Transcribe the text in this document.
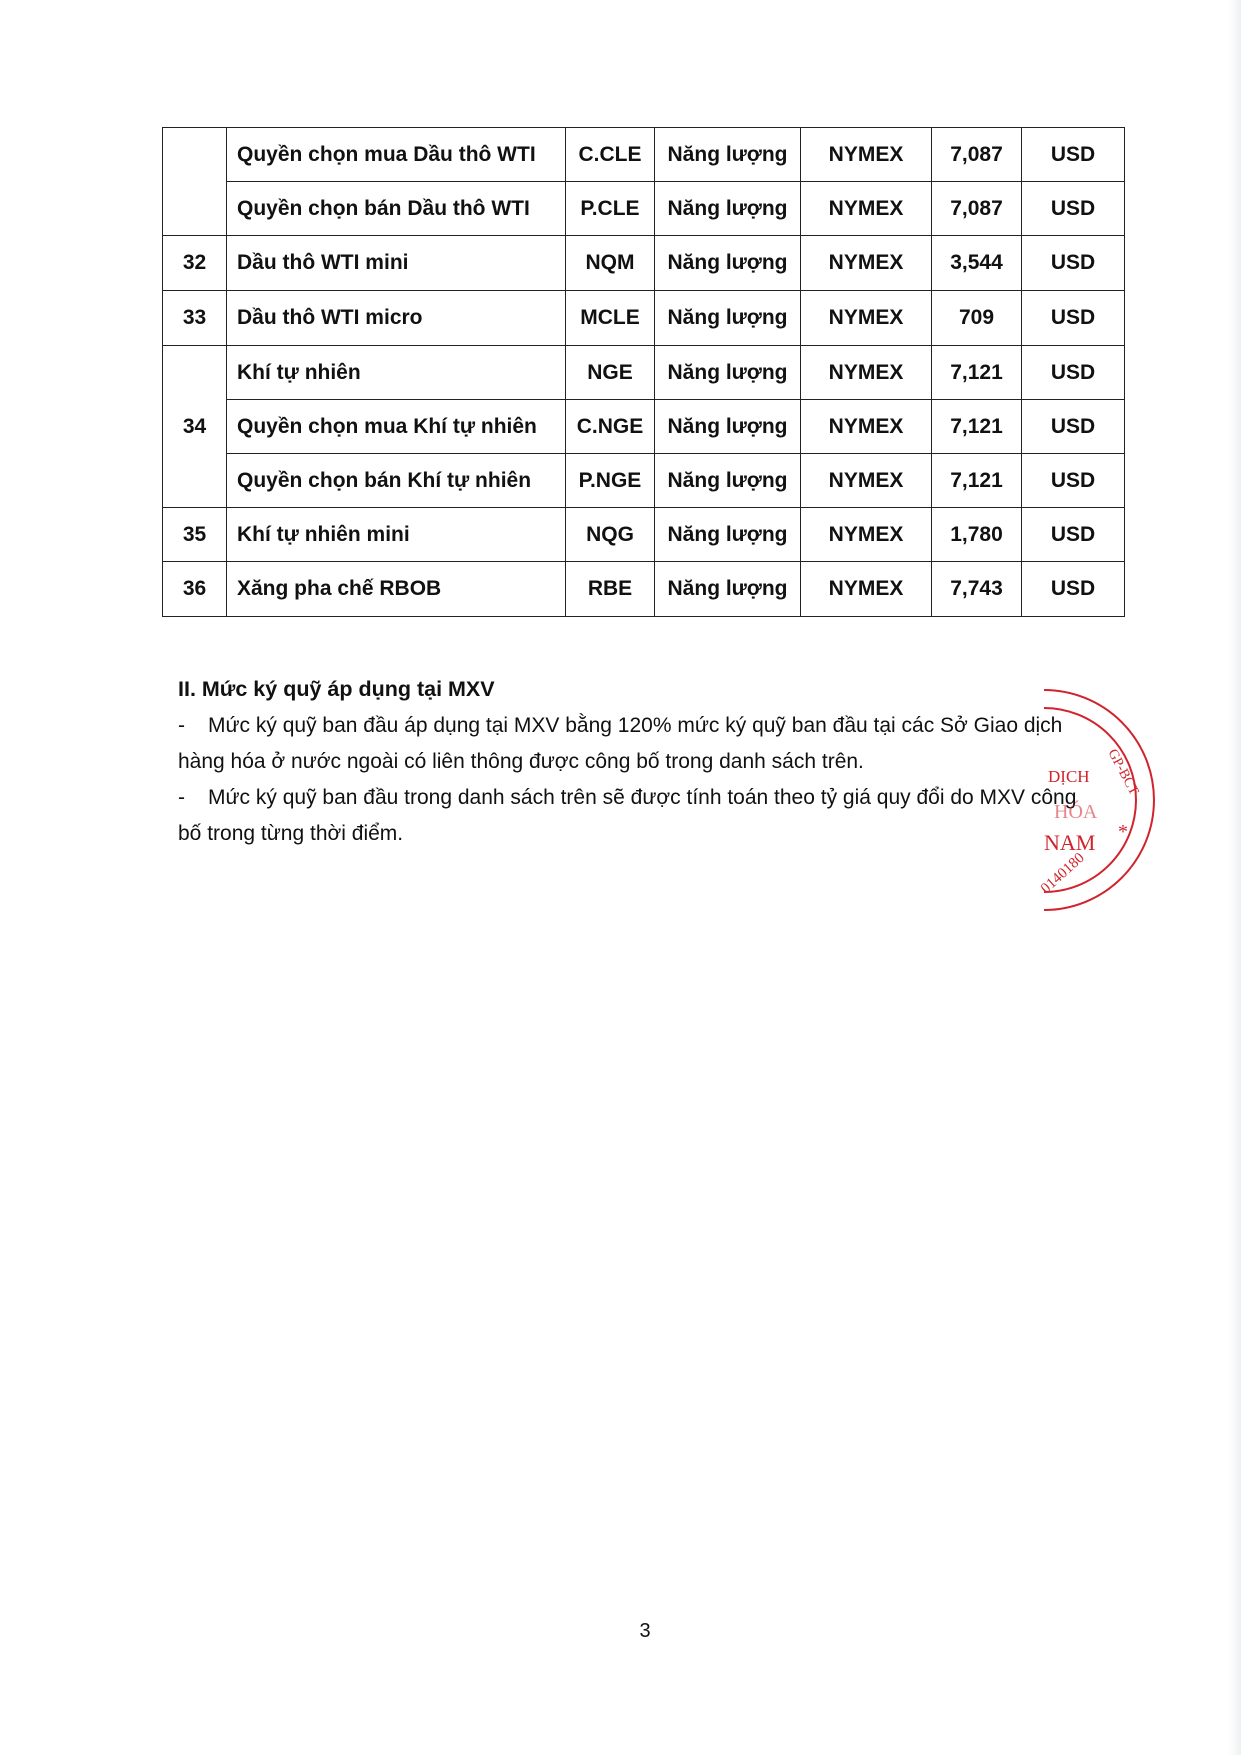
	Quyền chọn mua Dầu thô WTI	C.CLE	Năng lượng	NYMEX	7,087	USD
	Quyền chọn bán Dầu thô WTI	P.CLE	Năng lượng	NYMEX	7,087	USD
32	Dầu thô WTI mini	NQM	Năng lượng	NYMEX	3,544	USD
33	Dầu thô WTI micro	MCLE	Năng lượng	NYMEX	709	USD
34	Khí tự nhiên	NGE	Năng lượng	NYMEX	7,121	USD
	Quyền chọn mua Khí tự nhiên	C.NGE	Năng lượng	NYMEX	7,121	USD
	Quyền chọn bán Khí tự nhiên	P.NGE	Năng lượng	NYMEX	7,121	USD
35	Khí tự nhiên mini	NQG	Năng lượng	NYMEX	1,780	USD
36	Xăng pha chế RBOB	RBE	Năng lượng	NYMEX	7,743	USD
II. Mức ký quỹ áp dụng tại MXV

- Mức ký quỹ ban đầu áp dụng tại MXV bằng 120% mức ký quỹ ban đầu tại các Sở Giao dịch hàng hóa ở nước ngoài có liên thông được công bố trong danh sách trên.

- Mức ký quỹ ban đầu trong danh sách trên sẽ được tính toán theo tỷ giá quy đổi do MXV công bố trong từng thời điểm.

DỊCH
HÓA
NAM *
GP-BCT
0140180
3
